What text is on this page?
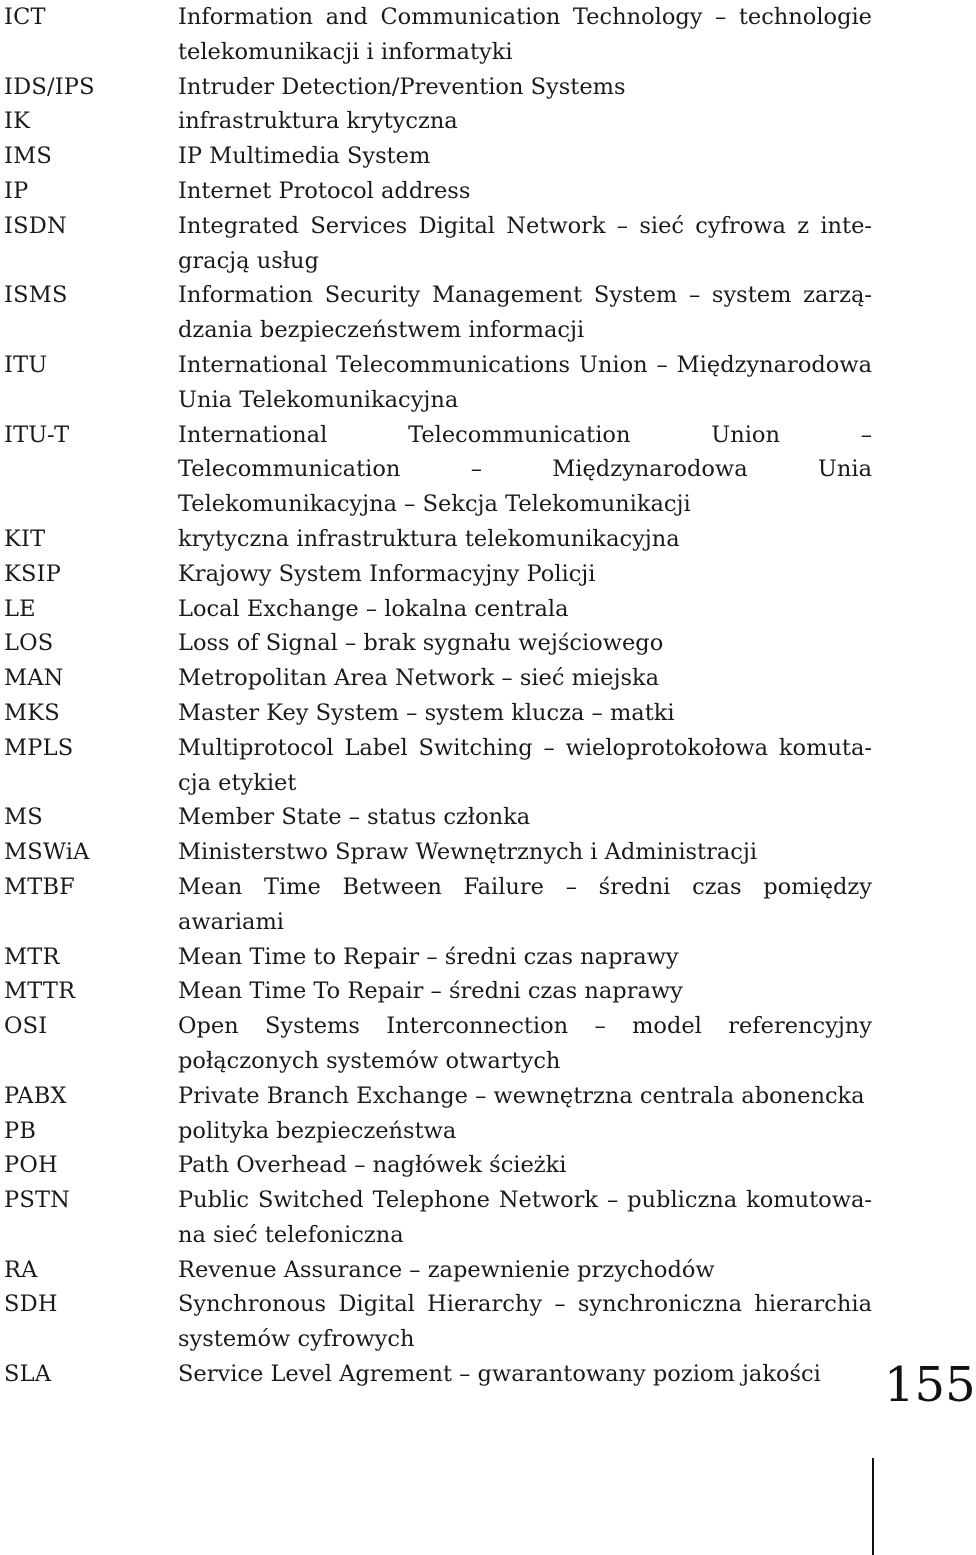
ICT	Information and Communication Technology – technologie telekomunikacji i informatyki
IDS/IPS	Intruder Detection/Prevention Systems
IK	infrastruktura krytyczna
IMS	IP Multimedia System
IP	Internet Protocol address
ISDN	Integrated Services Digital Network – sieć cyfrowa z integracją usług
ISMS	Information Security Management System – system zarządzania bezpieczeństwem informacji
ITU	International Telecommunications Union – Międzynarodowa Unia Telekomunikacyjna
ITU-T	International Telecommunication Union – Telecommunication – Międzynarodowa Unia Telekomunikacyjna – Sekcja Telekomunikacji
KIT	krytyczna infrastruktura telekomunikacyjna
KSIP	Krajowy System Informacyjny Policji
LE	Local Exchange – lokalna centrala
LOS	Loss of Signal – brak sygnału wejściowego
MAN	Metropolitan Area Network – sieć miejska
MKS	Master Key System – system klucza – matki
MPLS	Multiprotocol Label Switching – wieloprotokołowa komutacja etykiet
MS	Member State – status członka
MSWiA	Ministerstwo Spraw Wewnętrznych i Administracji
MTBF	Mean Time Between Failure – średni czas pomiędzy awariami
MTR	Mean Time to Repair – średni czas naprawy
MTTR	Mean Time To Repair – średni czas naprawy
OSI	Open Systems Interconnection – model referencyjny połączonych systemów otwartych
PABX	Private Branch Exchange – wewnętrzna centrala abonencka
PB	polityka bezpieczeństwa
POH	Path Overhead – nagłówek ścieżki
PSTN	Public Switched Telephone Network – publiczna komutowana sieć telefoniczna
RA	Revenue Assurance – zapewnienie przychodów
SDH	Synchronous Digital Hierarchy – synchroniczna hierarchia systemów cyfrowych
SLA	Service Level Agrement – gwarantowany poziom jakości	155
